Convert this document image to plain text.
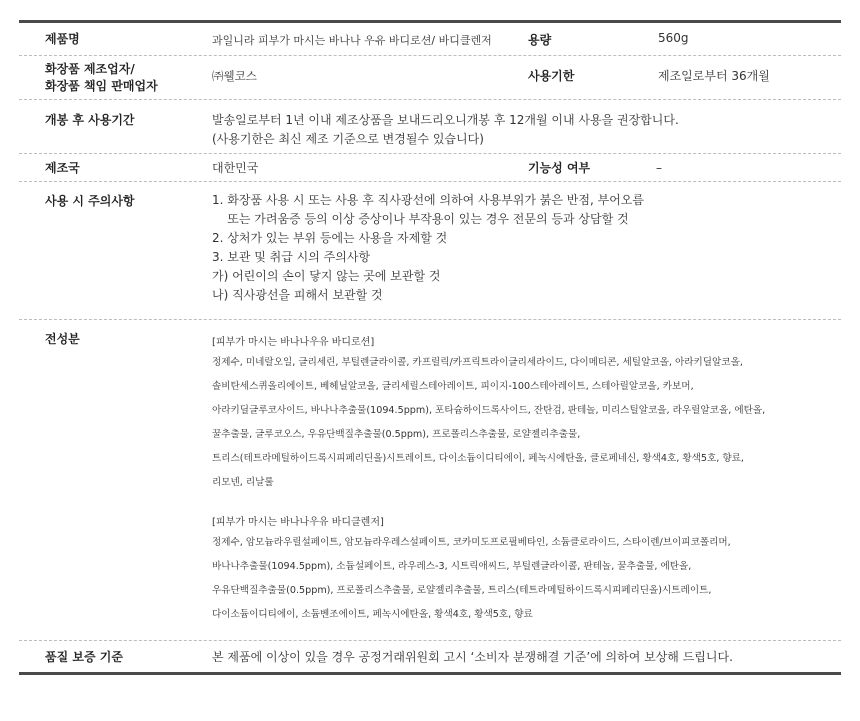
제품명	과일니라 피부가 마시는 바나나 우유 바디로션/ 바디클렌저	용량	560g
화장품 제조업자/
화장품 책임 판매업자
㈜웰코스	사용기한	제조일로부터 36개월
개봉 후 사용기간	발송일로부터 1년 이내 제조상품을 보내드리오니개봉 후 12개월 이내 사용을 권장합니다.
(사용기한은 최신 제조 기준으로 변경될수 있습니다)
제조국	대한민국	기능성 여부	–
사용 시 주의사항	1. 화장품 사용 시 또는 사용 후 직사광선에 의하여 사용부위가 붉은 반점, 부어오름
또는 가려움증 등의 이상 증상이나 부작용이 있는 경우 전문의 등과 상담할 것
2. 상처가 있는 부위 등에는 사용을 자제할 것
3. 보관 및 취급 시의 주의사항
가) 어린이의 손이 닿지 않는 곳에 보관할 것
나) 직사광선을 피해서 보관할 것
전성분	[피부가 마시는 바나나우유 바디로션]
정제수, 미네랄오일, 글리세린, 부틸렌글라이콜, 카프릴릭/카프릭트라이글리세라이드, 다이메티콘, 세틸알코올, 아라키딜알코올,
솔비탄세스퀴올리에이트, 베헤닐알코올, 글리세릴스테아레이트, 피이지-100스테아레이트, 스테아릴알코올, 카보머,
아라키딜글루코사이드, 바나나추출물(1094.5ppm), 포타슘하이드록사이드, 잔탄검, 판테놀, 미리스틸알코올, 라우릴알코올, 에탄올,
꿀추출물, 글루코오스, 우유단백질추출물(0.5ppm), 프로폴리스추출물, 로얄젤리추출물,
트리스(테트라메틸하이드록시피페리딘올)시트레이트, 다이소듐이디티에이, 페녹시에탄올, 클로페네신, 황색4호, 황색5호, 향료,
리모넨, 리날룰
[피부가 마시는 바나나우유 바디클렌저]
정제수, 암모늄라우릴설페이트, 암모늄라우레스설페이트, 코카미도프로필베타인, 소듐클로라이드, 스타이렌/브이피코폴리머,
바나나추출물(1094.5ppm), 소듐설페이트, 라우레스-3, 시트릭애씨드, 부틸렌글라이콜, 판테놀, 꿀추출물, 에탄올,
우유단백질추출물(0.5ppm), 프로폴리스추출물, 로얄젤리추출물, 트리스(테트라메틸하이드록시피페리딘올)시트레이트,
다이소듐이디티에이, 소듐벤조에이트, 페녹시에탄올, 황색4호, 황색5호, 향료
품질 보증 기준	본 제품에 이상이 있을 경우 공정거래위원회 고시 ‘소비자 분쟁해결 기준’에 의하여 보상해 드립니다.
